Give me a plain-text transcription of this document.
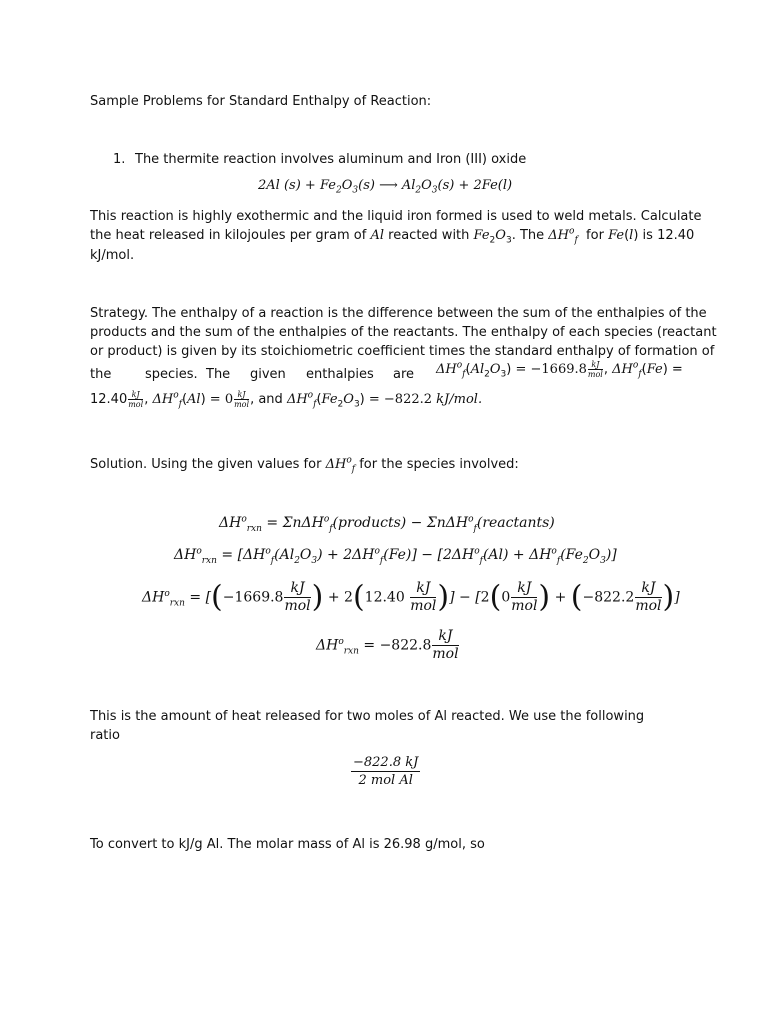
Sample Problems for Standard Enthalpy of Reaction:
1. The thermite reaction involves aluminum and Iron (III) oxide
2Al $(s) + Fe_2O_3(s)$ ⟶ $Al_2O_3(s) + 2Fe(l)$
This reaction is highly exothermic and the liquid iron formed is used to weld metals. Calculate
the heat released in kilojoules per gram of Al reacted with $Fe_2O_3$. The $\Delta H^o_f$ for Fe(l) is 12.40
kJ/mol.
Strategy. The enthalpy of a reaction is the difference between the sum of the enthalpies of the
products and the sum of the enthalpies of the reactants. The enthalpy of each species (reactant
or product) is given by its stoichiometric coefficient times the standard enthalpy of formation of
the	species. The given enthalpies are $\Delta H^o_f(Al_2O_3) = -1669.8 \frac{kJ}{\text{mol}}$ , $\Delta H^o_f(Fe)$ =
$12.40 \frac{kJ}{\text{mol}}$ , $\Delta H^o_f(Al) = 0 \frac{kJ}{\text{mol}}$ , and $\Delta H^o_f(Fe_2O_3) = -822.2$ kJ/mol.
Solution. Using the given values for $\Delta H^o_f$ for the species involved:
$\Delta H^o_{rxn}$ = ΣnΔH$^o_f$(products) − ΣnΔH$^o_f$(reactants)
$\Delta H^o_{rxn} = [\Delta H^o_f(Al_2O_3) + 2\Delta H^o_f(Fe)] - [2\Delta H^o_f(Al) + \Delta H^o_f(Fe_2O_3)]$
$\Delta H^o_{rxn} = [(-1669.8 \frac{kJ}{\text{mol}}$ ) + $2(12.40 \frac{kJ}{\text{mol}}$ )] − [$2(0 \frac{kJ}{\text{mol}}$ ) + ($-822.2 \frac{kJ}{\text{mol}}$ )]
$\Delta H^o_{rxn} = -822.8 \frac{kJ}{\text{mol}}$
This is the amount of heat released for two moles of Al reacted. We use the following
ratio
$\frac{-822.8 kJ}{\text{2 mol Al}}$
To convert to kJ/g Al. The molar mass of Al is 26.98 g/mol, so
